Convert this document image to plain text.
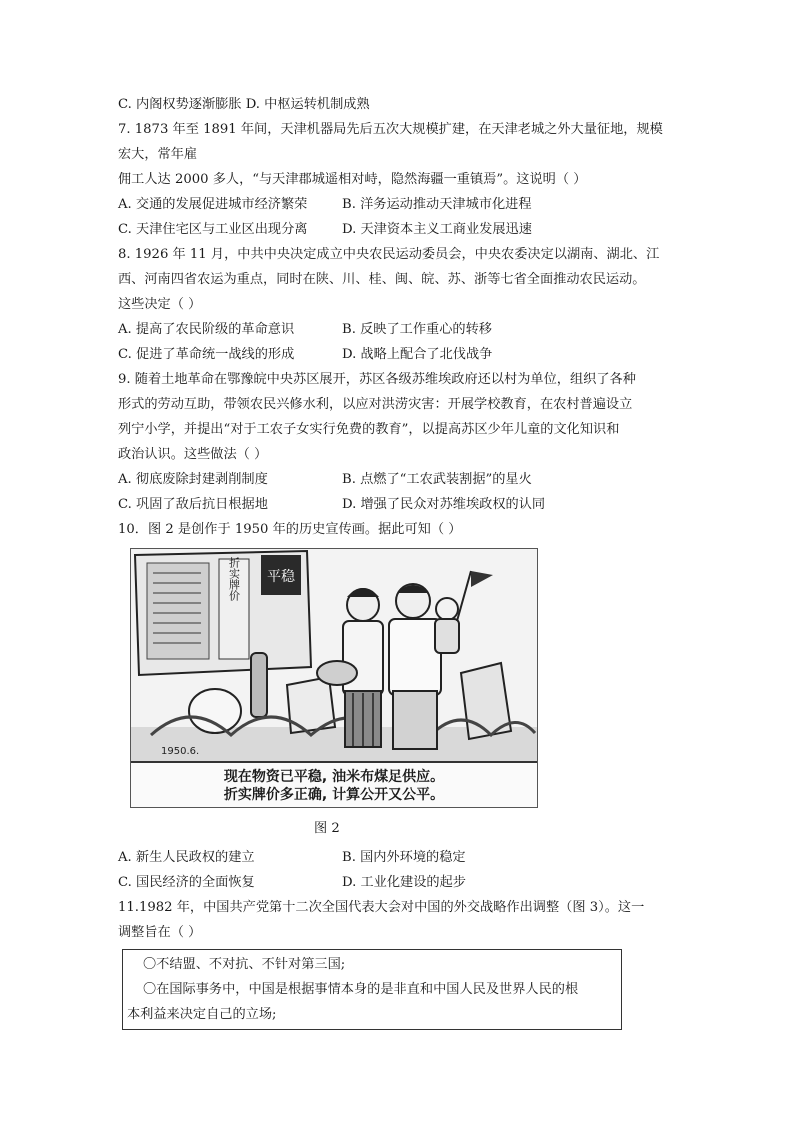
C. 内阁权势逐渐膨胀 D. 中枢运转机制成熟
7. 1873 年至 1891 年间，天津机器局先后五次大规模扩建，在天津老城之外大量征地，规模
宏大，常年雇
佣工人达 2000 多人，“与天津郡城遥相对峙，隐然海疆一重镇焉”。这说明（ ）
A. 交通的发展促进城市经济繁荣	B. 洋务运动推动天津城市化进程
C. 天津住宅区与工业区出现分离	D. 天津资本主义工商业发展迅速
8. 1926 年 11 月，中共中央决定成立中央农民运动委员会，中央农委决定以湖南、湖北、江
西、河南四省农运为重点，同时在陕、川、桂、闽、皖、苏、浙等七省全面推动农民运动。
这些决定（ ）
A. 提高了农民阶级的革命意识	B. 反映了工作重心的转移
C. 促进了革命统一战线的形成	D. 战略上配合了北伐战争
9. 随着土地革命在鄂豫皖中央苏区展开，苏区各级苏维埃政府还以村为单位，组织了各种
形式的劳动互助，带领农民兴修水利，以应对洪涝灾害：开展学校教育，在农村普遍设立
列宁小学，并提出“对于工农子女实行免费的教育”，以提高苏区少年儿童的文化知识和
政治认识。这些做法（ ）
A. 彻底废除封建剥削制度	B. 点燃了“工农武装割据”的星火
C. 巩固了敌后抗日根据地	D. 增强了民众对苏维埃政权的认同
10．图 2 是创作于 1950 年的历史宣传画。据此可知（ ）
折实牌价 平稳
1950.6.
现在物资已平稳, 油米布煤足供应。
折实牌价多正确, 计算公开又公平。
图 2
A. 新生人民政权的建立	B. 国内外环境的稳定
C. 国民经济的全面恢复	D. 工业化建设的起步
11.1982 年，中国共产党第十二次全国代表大会对中国的外交战略作出调整（图 3）。这一
调整旨在（ ）
〇不结盟、不对抗、不针对第三国;
〇在国际事务中，中国是根据事情本身的是非直和中国人民及世界人民的根
本利益来决定自己的立场;
